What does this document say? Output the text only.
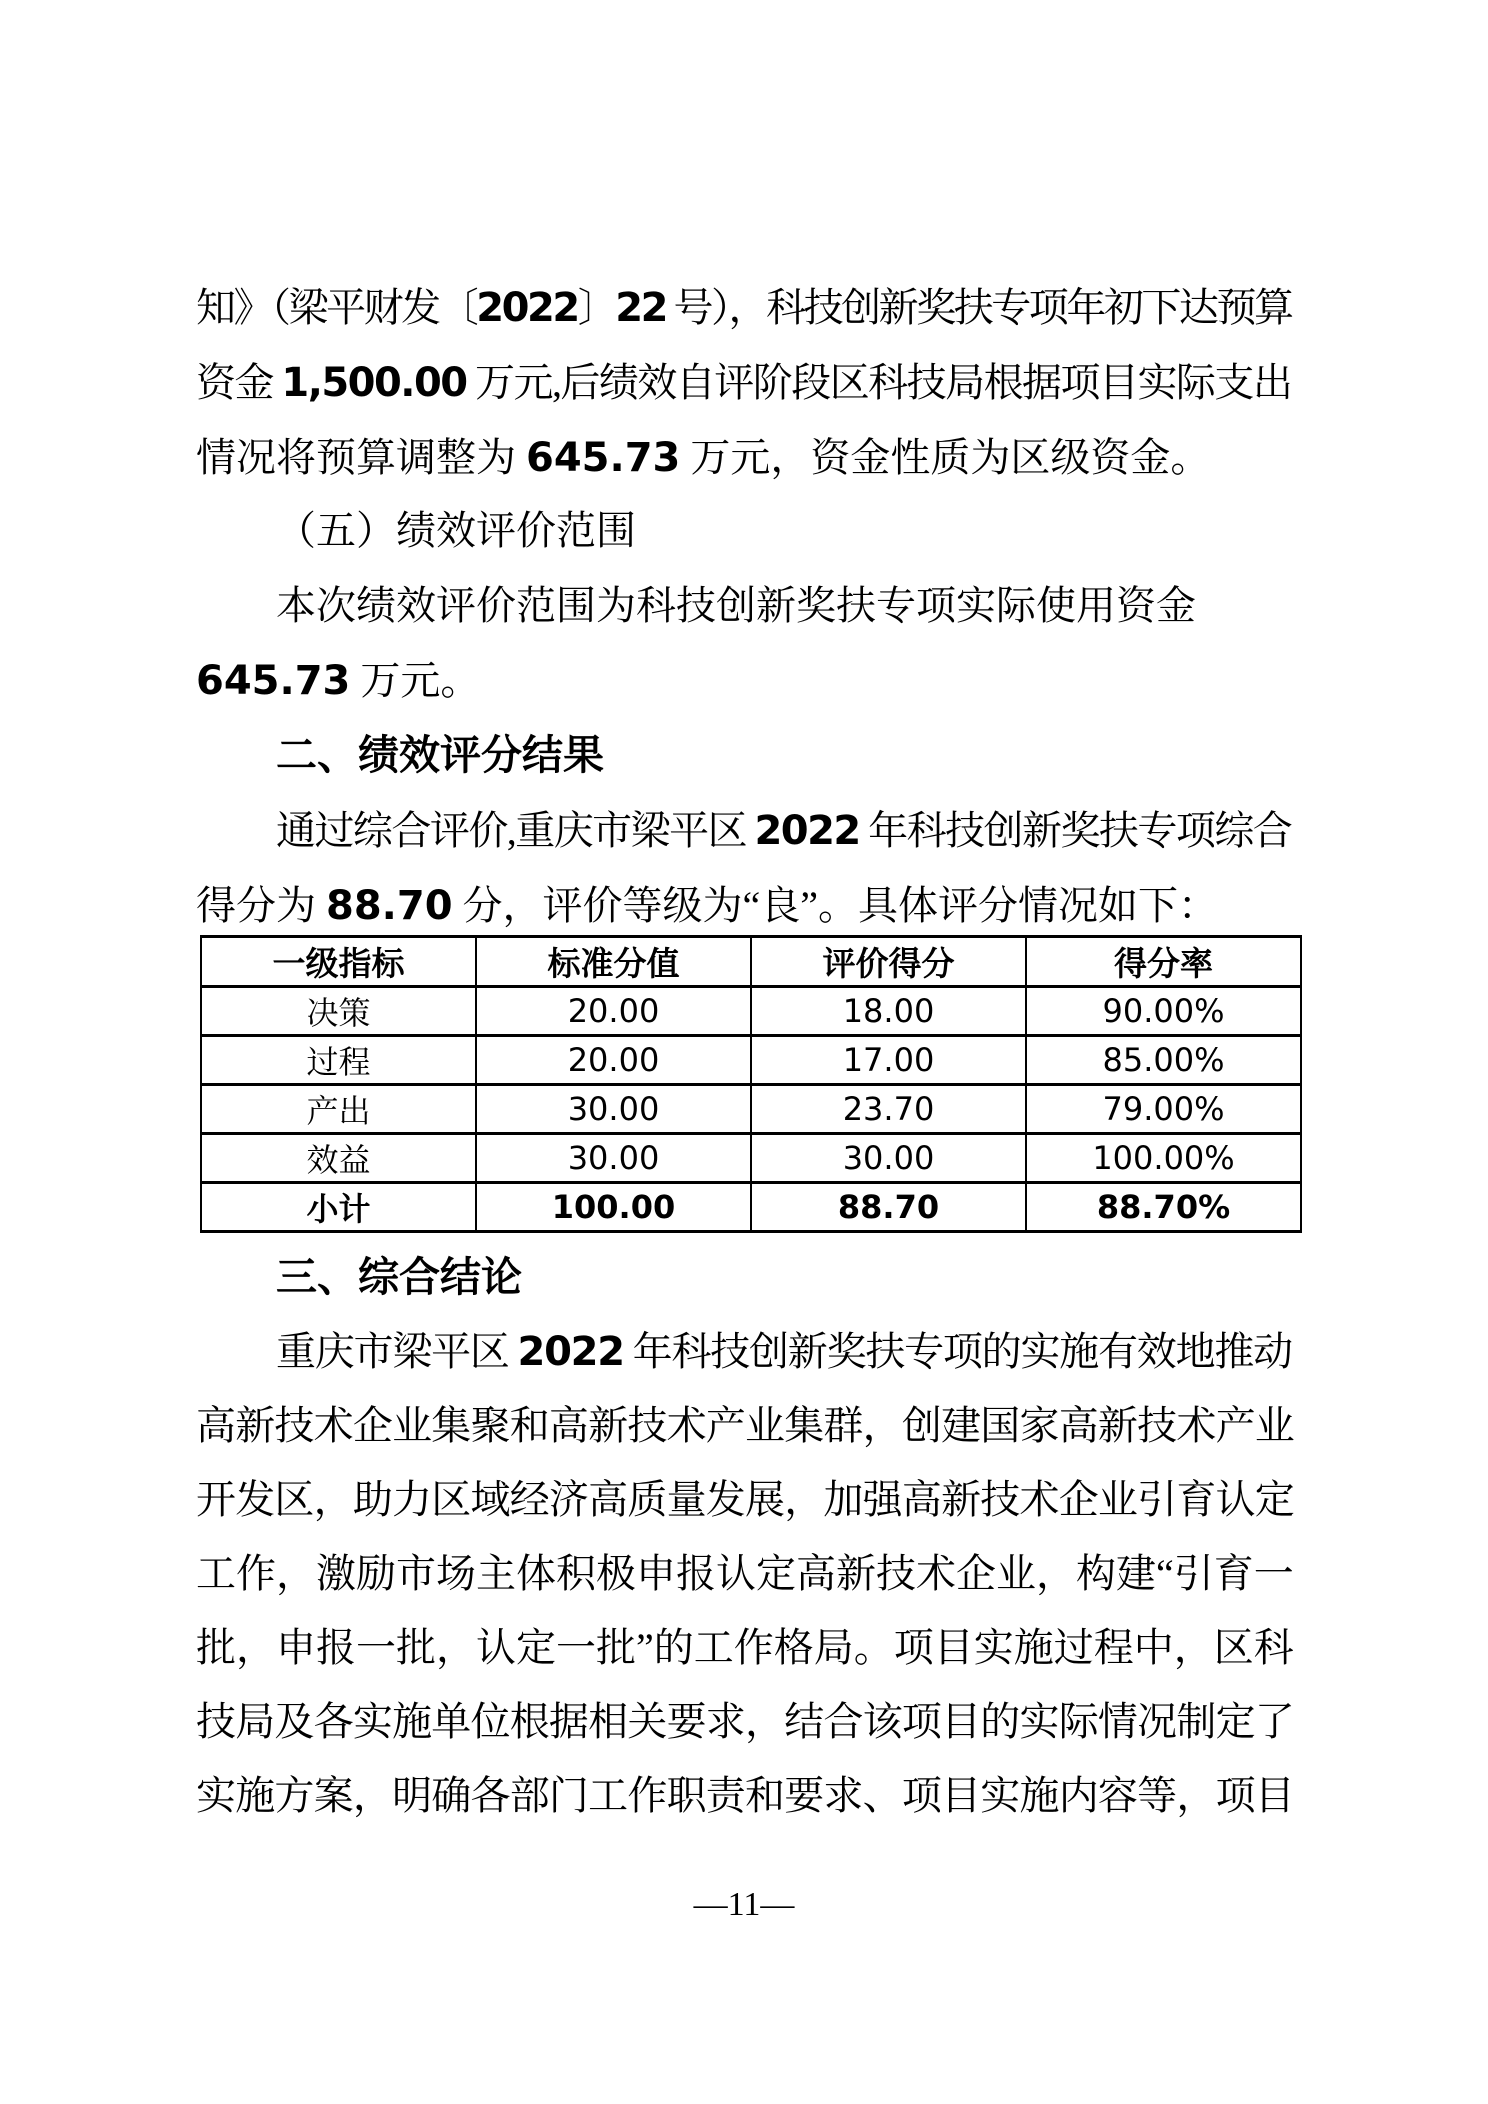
知》（梁平财发〔2022〕22 号），科技创新奖扶专项年初下达预算
资金 1,500.00 万元,后绩效自评阶段区科技局根据项目实际支出
情况将预算调整为 645.73 万元，资金性质为区级资金。
（五）绩效评价范围
本次绩效评价范围为科技创新奖扶专项实际使用资金
645.73 万元。
二、绩效评分结果
通过综合评价,重庆市梁平区 2022 年科技创新奖扶专项综合
得分为 88.70 分，评价等级为“良”。具体评分情况如下：
一级指标	标准分值	评价得分	得分率
决策	20.00	18.00	90.00%
过程	20.00	17.00	85.00%
产出	30.00	23.70	79.00%
效益	30.00	30.00	100.00%
小计	100.00	88.70	88.70%
三、综合结论
重庆市梁平区 2022 年科技创新奖扶专项的实施有效地推动
高新技术企业集聚和高新技术产业集群，创建国家高新技术产业
开发区，助力区域经济高质量发展，加强高新技术企业引育认定
工作，激励市场主体积极申报认定高新技术企业，构建“引育一
批，申报一批，认定一批”的工作格局。项目实施过程中，区科
技局及各实施单位根据相关要求，结合该项目的实际情况制定了
实施方案，明确各部门工作职责和要求、项目实施内容等，项目
—11—
